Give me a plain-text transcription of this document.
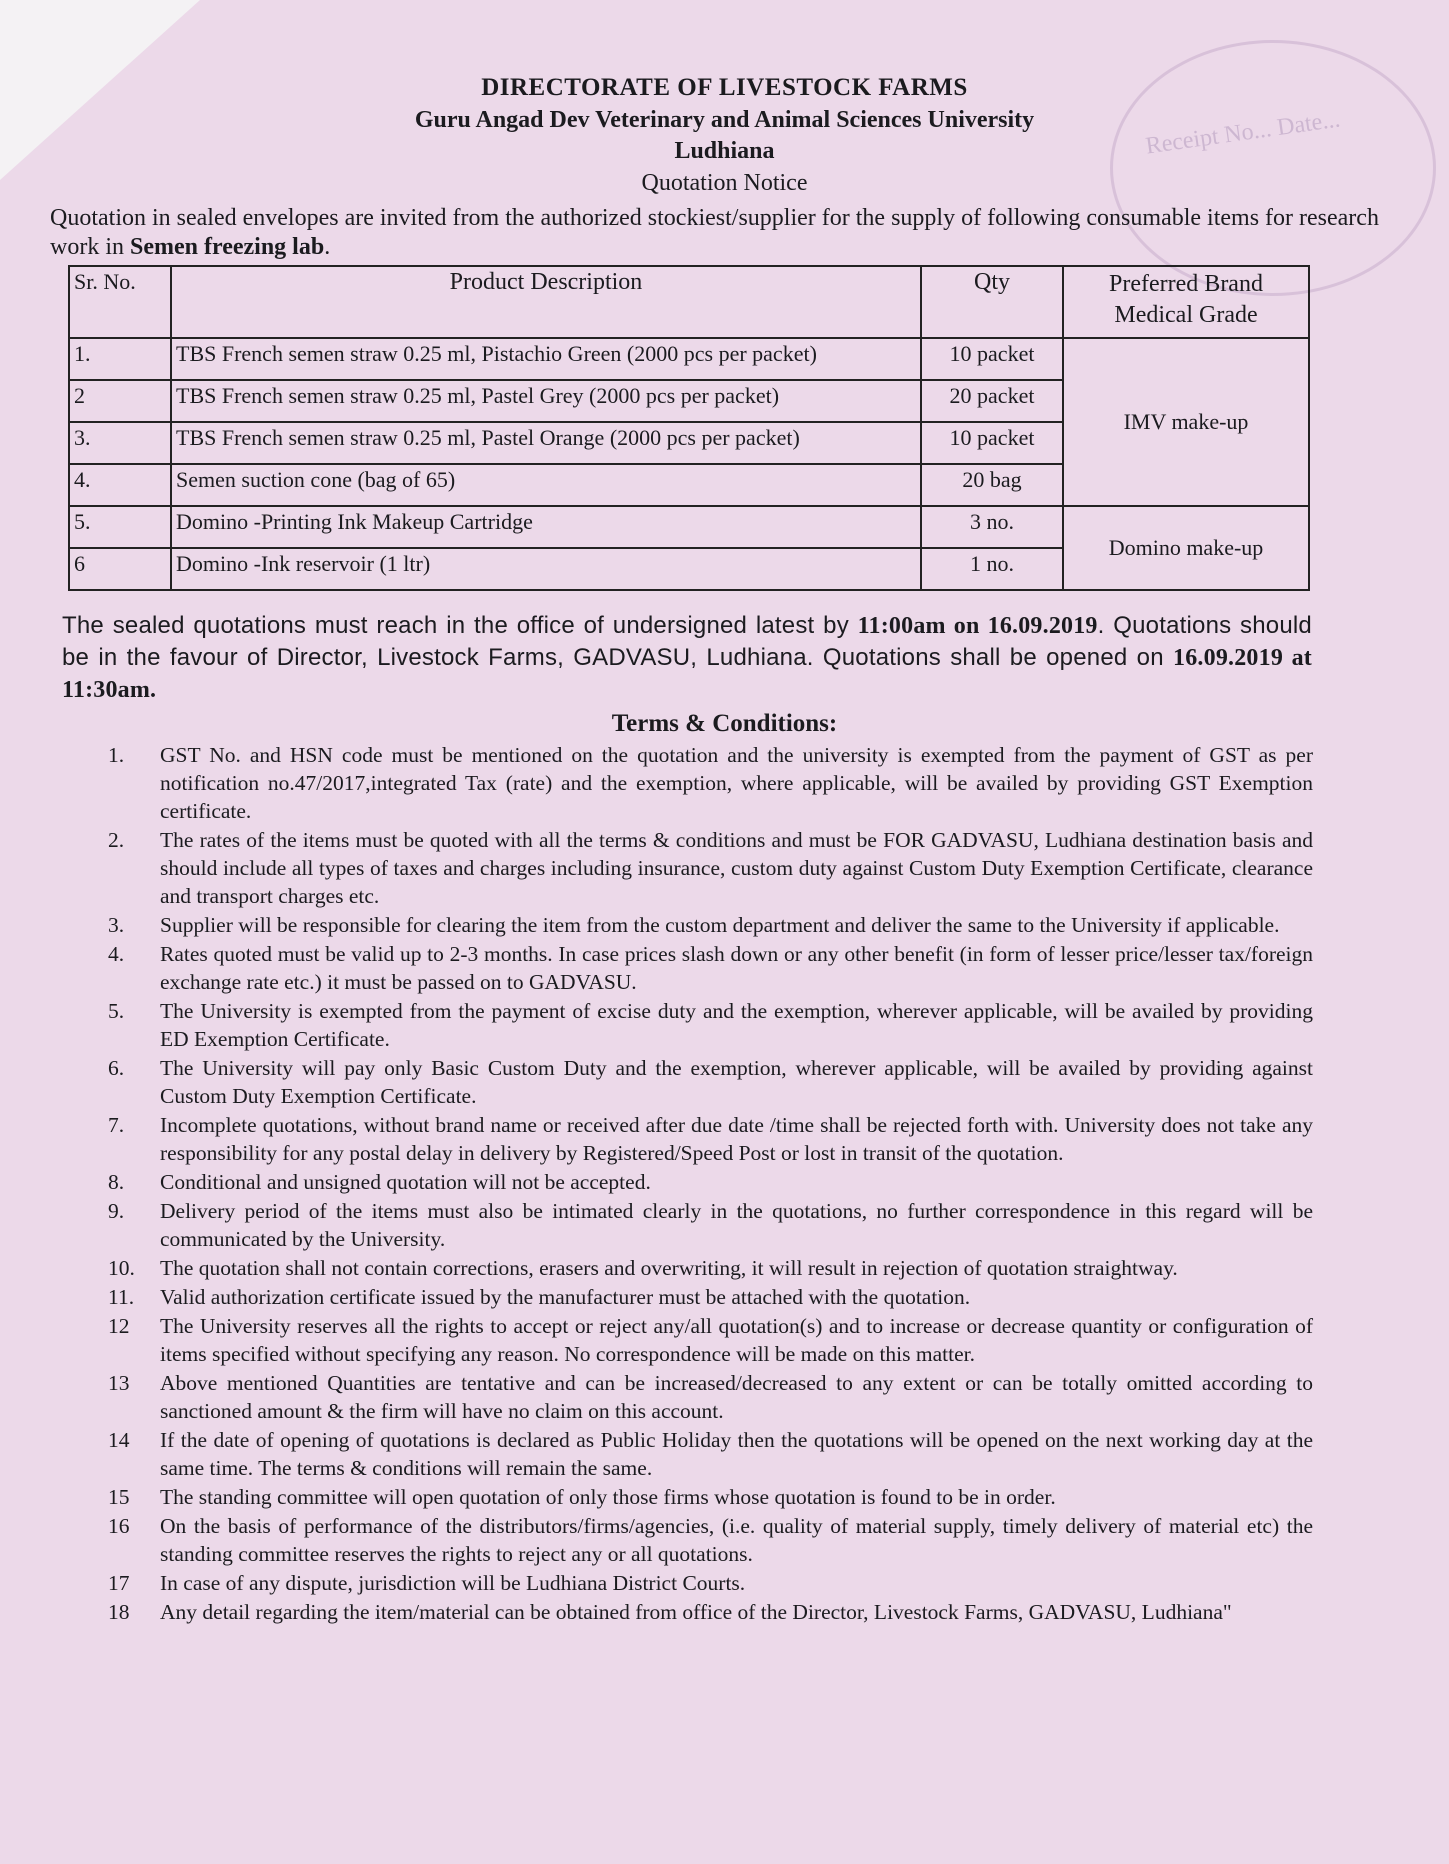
Receipt No... Date...
DIRECTORATE OF LIVESTOCK FARMS
Guru Angad Dev Veterinary and Animal Sciences University
Ludhiana
Quotation Notice
Quotation in sealed envelopes are invited from the authorized stockiest/supplier for the supply of following consumable items for research work in Semen freezing lab.
Sr. No.	Product Description	Qty	Preferred Brand
Medical Grade

1.	TBS French semen straw 0.25 ml, Pistachio Green (2000 pcs per packet)	10 packet	IMV make-up
2	TBS French semen straw 0.25 ml, Pastel Grey (2000 pcs per packet)	20 packet	
3.	TBS French semen straw 0.25 ml, Pastel Orange (2000 pcs per packet)	10 packet	
4.	Semen suction cone (bag of 65)	20 bag	
5.	Domino -Printing Ink Makeup Cartridge	3 no.	Domino make-up
6	Domino -Ink reservoir (1 ltr)	1 no.	
The sealed quotations must reach in the office of undersigned latest by 11:00am on 16.09.2019. Quotations should be in the favour of Director, Livestock Farms, GADVASU, Ludhiana. Quotations shall be opened on 16.09.2019 at 11:30am.
Terms & Conditions:
1. GST No. and HSN code must be mentioned on the quotation and the university is exempted from the payment of GST as per notification no.47/2017,integrated Tax (rate) and the exemption, where applicable, will be availed by providing GST Exemption certificate.
2. The rates of the items must be quoted with all the terms & conditions and must be FOR GADVASU, Ludhiana destination basis and should include all types of taxes and charges including insurance, custom duty against Custom Duty Exemption Certificate, clearance and transport charges etc.
3. Supplier will be responsible for clearing the item from the custom department and deliver the same to the University if applicable.
4. Rates quoted must be valid up to 2-3 months. In case prices slash down or any other benefit (in form of lesser price/lesser tax/foreign exchange rate etc.) it must be passed on to GADVASU.
5. The University is exempted from the payment of excise duty and the exemption, wherever applicable, will be availed by providing ED Exemption Certificate.
6. The University will pay only Basic Custom Duty and the exemption, wherever applicable, will be availed by providing against Custom Duty Exemption Certificate.
7. Incomplete quotations, without brand name or received after due date /time shall be rejected forth with. University does not take any responsibility for any postal delay in delivery by Registered/Speed Post or lost in transit of the quotation.
8. Conditional and unsigned quotation will not be accepted.
9. Delivery period of the items must also be intimated clearly in the quotations, no further correspondence in this regard will be communicated by the University.
10. The quotation shall not contain corrections, erasers and overwriting, it will result in rejection of quotation straightway.
11. Valid authorization certificate issued by the manufacturer must be attached with the quotation.
12 The University reserves all the rights to accept or reject any/all quotation(s) and to increase or decrease quantity or configuration of items specified without specifying any reason. No correspondence will be made on this matter.
13 Above mentioned Quantities are tentative and can be increased/decreased to any extent or can be totally omitted according to sanctioned amount & the firm will have no claim on this account.
14 If the date of opening of quotations is declared as Public Holiday then the quotations will be opened on the next working day at the same time. The terms & conditions will remain the same.
15 The standing committee will open quotation of only those firms whose quotation is found to be in order.
16 On the basis of performance of the distributors/firms/agencies, (i.e. quality of material supply, timely delivery of material etc) the standing committee reserves the rights to reject any or all quotations.
17 In case of any dispute, jurisdiction will be Ludhiana District Courts.
18 Any detail regarding the item/material can be obtained from office of the Director, Livestock Farms, GADVASU, Ludhiana"
